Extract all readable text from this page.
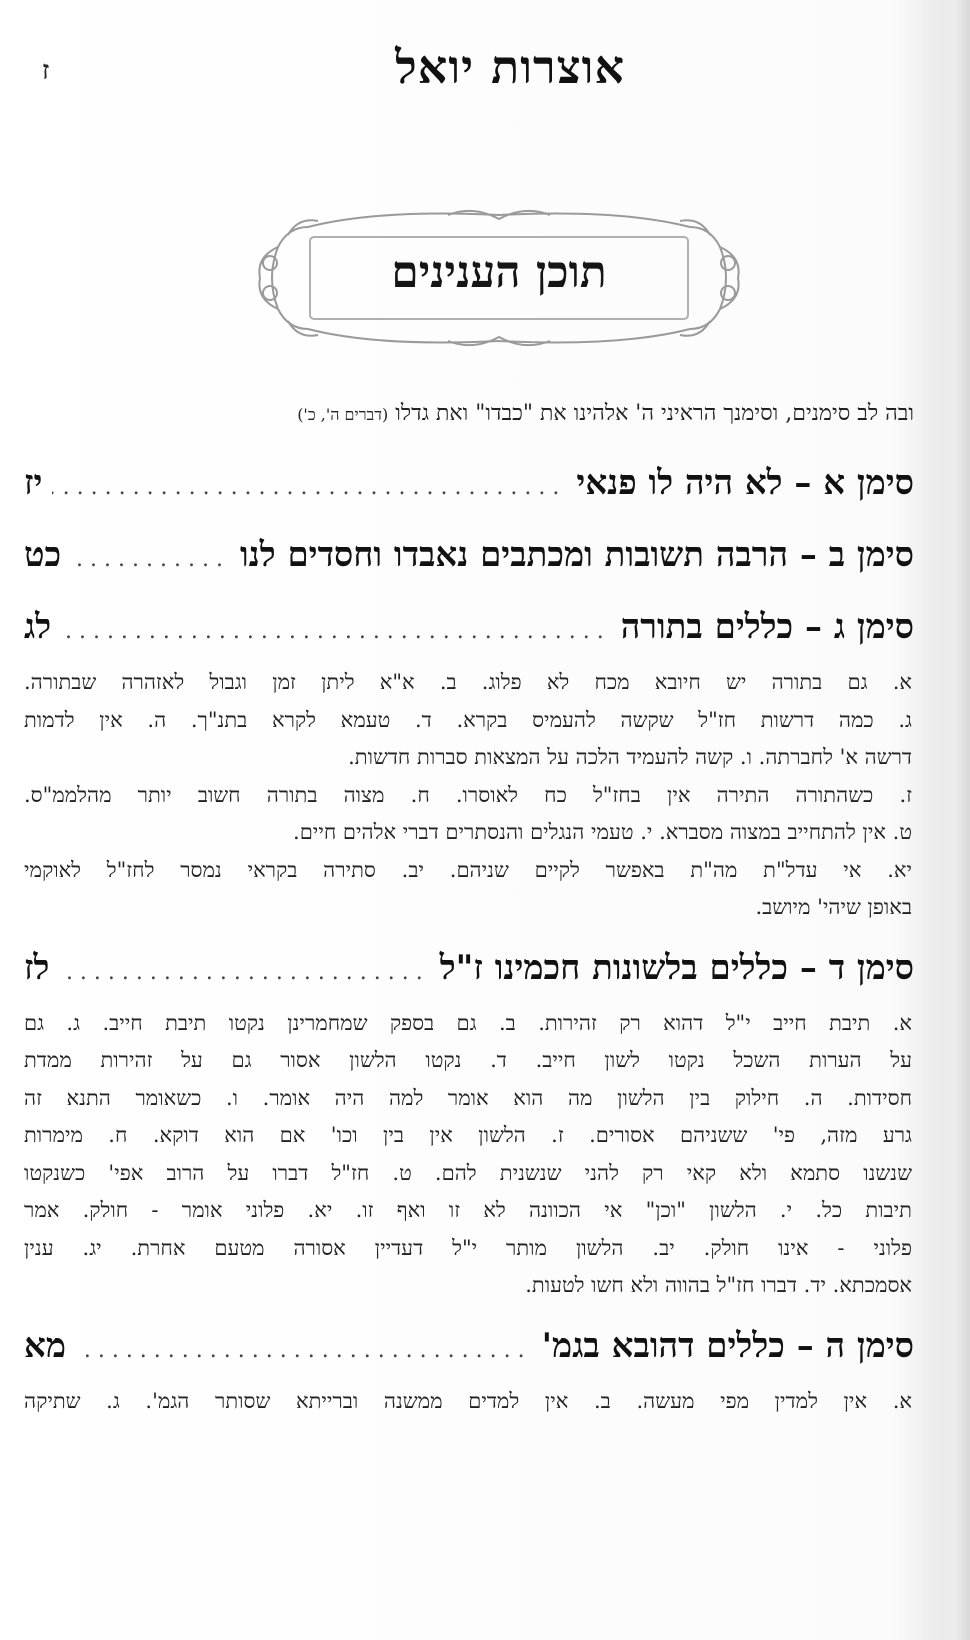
אוצרות יואל
ז
תוכן הענינים
ובה לב סימנים, וסימנך הראיני ה' אלהינו את "כבדו" ואת גדלו (דברים ה', כ')
סימן א – לא היה לו פנאי
.....
יז
סימן ב – הרבה תשובות ומכתבים נאבדו וחסדים לנו
.....
כט
סימן ג – כללים בתורה
.....
לג
א. גם בתורה יש חיובא מכח לא פלוג. ב. א"א ליתן זמן וגבול לאזהרה שבתורה.
ג. כמה דרשות חז"ל שקשה להעמיס בקרא. ד. טעמא לקרא בתנ"ך. ה. אין לדמות
דרשה א' לחברתה. ו. קשה להעמיד הלכה על המצאות סברות חדשות.
ז. כשהתורה התירה אין בחז"ל כח לאוסרו. ח. מצוה בתורה חשוב יותר מהלממ"ס.
ט. אין להתחייב במצוה מסברא. י. טעמי הנגלים והנסתרים דברי אלהים חיים.
יא. אי עדל"ת מה"ת באפשר לקיים שניהם. יב. סתירה בקראי נמסר לחז"ל לאוקמי
באופן שיהי' מיושב.
סימן ד – כללים בלשונות חכמינו ז"ל
.....
לז
א. תיבת חייב י"ל דהוא רק זהירות. ב. גם בספק שמחמרינן נקטו תיבת חייב. ג. גם
על הערות השכל נקטו לשון חייב. ד. נקטו הלשון אסור גם על זהירות ממדת
חסידות. ה. חילוק בין הלשון מה הוא אומר למה היה אומר. ו. כשאומר התנא זה
גרע מזה, פי' ששניהם אסורים. ז. הלשון אין בין וכו' אם הוא דוקא. ח. מימרות
שנשנו סתמא ולא קאי רק להני שנשנית להם. ט. חז"ל דברו על הרוב אפי' כשנקטו
תיבות כל. י. הלשון "וכן" אי הכוונה לא זו ואף זו. יא. פלוני אומר - חולק. אמר
פלוני - אינו חולק. יב. הלשון מותר י"ל דעדיין אסורה מטעם אחרת. יג. ענין
אסמכתא. יד. דברו חז"ל בהווה ולא חשו לטעות.
סימן ה – כללים דהובא בגמ'
.....
מא
א. אין למדין מפי מעשה. ב. אין למדים ממשנה וברייתא שסותר הגמ'. ג. שתיקה
